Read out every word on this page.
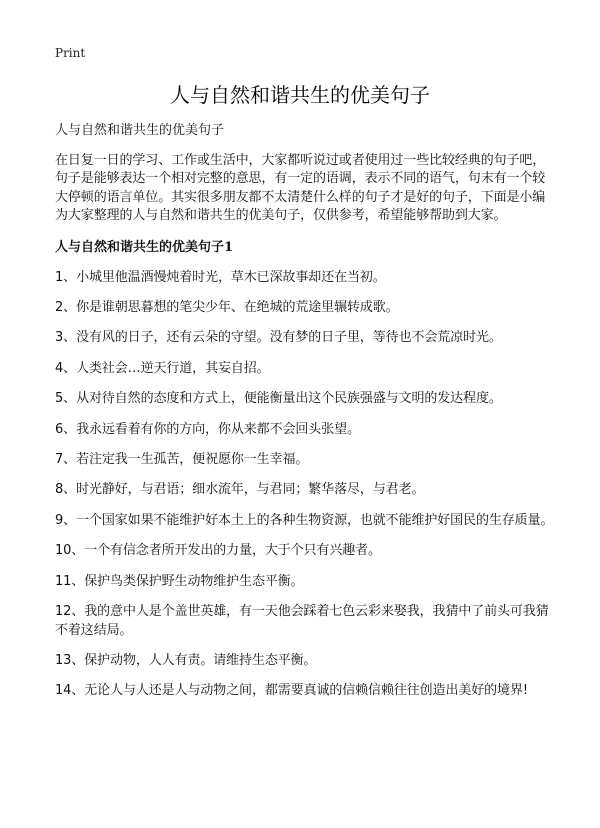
Print
人与自然和谐共生的优美句子

人与自然和谐共生的优美句子

在日复一日的学习、工作或生活中，大家都听说过或者使用过一些比较经典的句子吧，句子是能够表达一个相对完整的意思，有一定的语调，表示不同的语气，句末有一个较大停顿的语言单位。其实很多朋友都不太清楚什么样的句子才是好的句子，下面是小编为大家整理的人与自然和谐共生的优美句子，仅供参考，希望能够帮助到大家。

人与自然和谐共生的优美句子1

1、小城里他温酒慢炖着时光，草木已深故事却还在当初。

2、你是谁朝思暮想的笔尖少年、在绝城的荒途里辗转成歌。

3、没有风的日子，还有云朵的守望。没有梦的日子里，等待也不会荒凉时光。

4、人类社会…逆天行道，其妄自招。

5、从对待自然的态度和方式上，便能衡量出这个民族强盛与文明的发达程度。

6、我永远看着有你的方向，你从来都不会回头张望。

7、若注定我一生孤苦，便祝愿你一生幸福。

8、时光静好，与君语；细水流年，与君同；繁华落尽，与君老。

9、一个国家如果不能维护好本土上的各种生物资源，也就不能维护好国民的生存质量。

10、一个有信念者所开发出的力量，大于个只有兴趣者。

11、保护鸟类保护野生动物维护生态平衡。

12、我的意中人是个盖世英雄，有一天他会踩着七色云彩来娶我，我猜中了前头可我猜不着这结局。

13、保护动物，人人有责。请维持生态平衡。

14、无论人与人还是人与动物之间，都需要真诚的信赖信赖往往创造出美好的境界!
